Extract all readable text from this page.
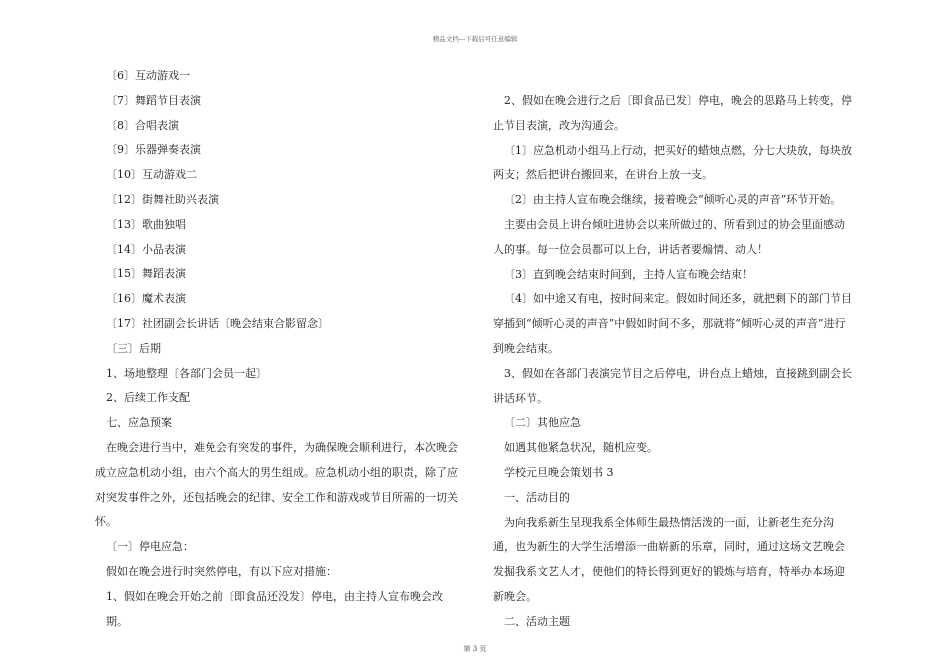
精品文档---下载后可任意编辑

〔6〕互动游戏一

〔7〕舞蹈节目表演

〔8〕合唱表演

〔9〕乐器弹奏表演

〔10〕互动游戏二

〔12〕街舞社助兴表演

〔13〕歌曲独唱

〔14〕小品表演

〔15〕舞蹈表演

〔16〕魔术表演

〔17〕社团副会长讲话〔晚会结束合影留念〕

〔三〕后期

1、场地整理〔各部门会员一起〕

2、后续工作支配

七、应急预案

在晚会进行当中，难免会有突发的事件，为确保晚会顺利进行，本次晚会成立应急机动小组，由六个高大的男生组成。应急机动小组的职责，除了应对突发事件之外，还包括晚会的纪律、安全工作和游戏或节目所需的一切关怀。

〔一〕停电应急：

假如在晚会进行时突然停电，有以下应对措施：

1、假如在晚会开始之前〔即食品还没发〕停电，由主持人宣布晚会改期。

2、假如在晚会进行之后〔即食品已发〕停电，晚会的思路马上转变，停止节目表演，改为沟通会。

〔1〕应急机动小组马上行动，把买好的蜡烛点燃，分七大块放，每块放两支；然后把讲台搬回来，在讲台上放一支。

〔2〕由主持人宣布晚会继续，接着晚会“倾听心灵的声音”环节开始。

主要由会员上讲台倾吐进协会以来所做过的、所看到过的协会里面感动人的事。每一位会员都可以上台，讲话者要煽情、动人！

〔3〕直到晚会结束时间到，主持人宣布晚会结束！

〔4〕如中途又有电，按时间来定。假如时间还多，就把剩下的部门节目穿插到“倾听心灵的声音”中假如时间不多，那就将“倾听心灵的声音”进行到晚会结束。

3、假如在各部门表演完节目之后停电，讲台点上蜡烛，直接跳到副会长讲话环节。

〔二〕其他应急

如遇其他紧急状况，随机应变。

学校元旦晚会策划书 3

一、活动目的

为向我系新生呈现我系全体师生最热情活泼的一面，让新老生充分沟通，也为新生的大学生活增添一曲崭新的乐章，同时，通过这场文艺晚会发掘我系文艺人才，使他们的特长得到更好的锻炼与培育，特举办本场迎新晚会。

二、活动主题

第 3 页
